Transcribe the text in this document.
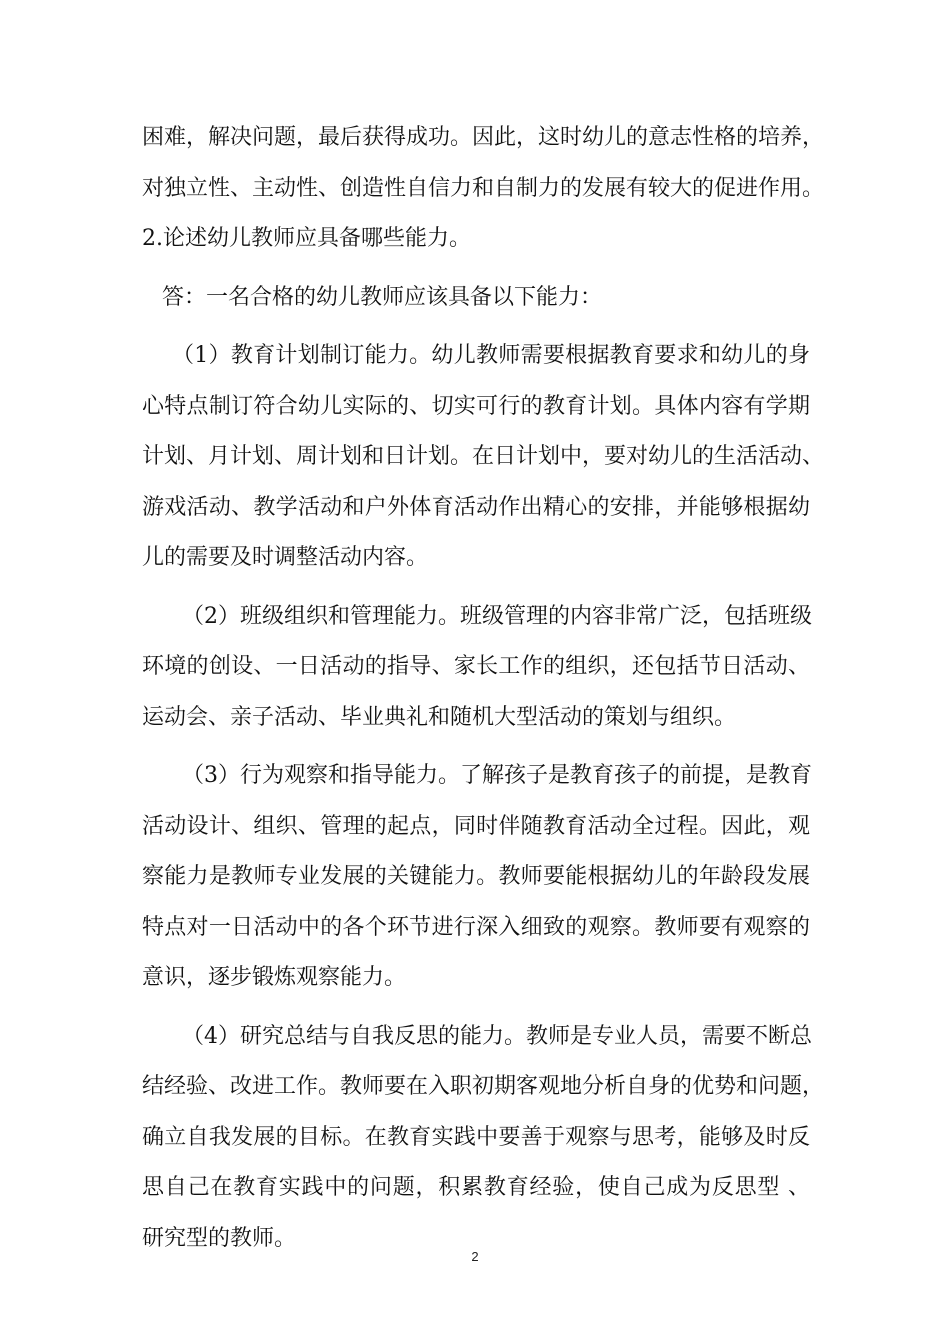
困难，解决问题，最后获得成功。因此，这时幼儿的意志性格的培养，
对独立性、主动性、创造性自信力和自制力的发展有较大的促进作用。
2.论述幼儿教师应具备哪些能力。
答：一名合格的幼儿教师应该具备以下能力：
（1）教育计划制订能力。幼儿教师需要根据教育要求和幼儿的身
心特点制订符合幼儿实际的、切实可行的教育计划。具体内容有学期
计划、月计划、周计划和日计划。在日计划中，要对幼儿的生活活动、
游戏活动、教学活动和户外体育活动作出精心的安排，并能够根据幼
儿的需要及时调整活动内容。
（2）班级组织和管理能力。班级管理的内容非常广泛，包括班级
环境的创设、一日活动的指导、家长工作的组织，还包括节日活动、
运动会、亲子活动、毕业典礼和随机大型活动的策划与组织。
（3）行为观察和指导能力。了解孩子是教育孩子的前提，是教育
活动设计、组织、管理的起点，同时伴随教育活动全过程。因此，观
察能力是教师专业发展的关键能力。教师要能根据幼儿的年龄段发展
特点对一日活动中的各个环节进行深入细致的观察。教师要有观察的
意识，逐步锻炼观察能力。
（4）研究总结与自我反思的能力。教师是专业人员，需要不断总
结经验、改进工作。教师要在入职初期客观地分析自身的优势和问题，
确立自我发展的目标。在教育实践中要善于观察与思考，能够及时反
思自己在教育实践中的问题，积累教育经验，使自己成为反思型 、
研究型的教师。
2
